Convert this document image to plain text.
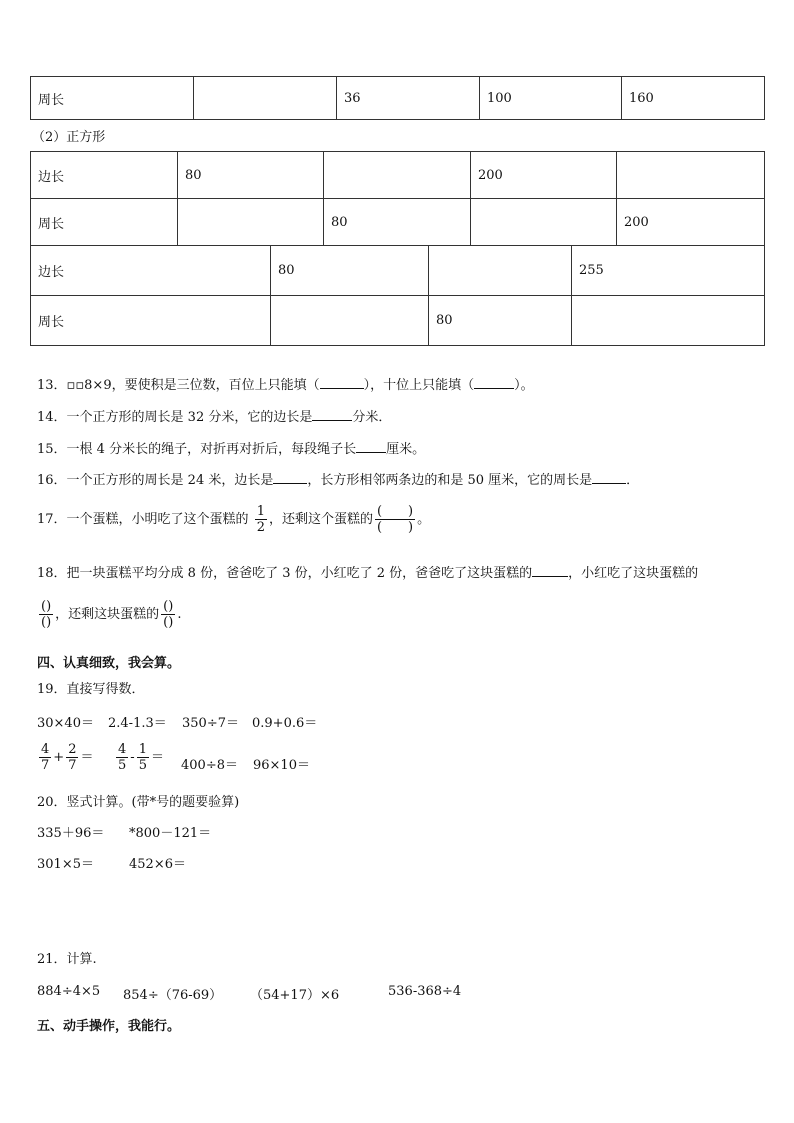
周长		36	100	160
（2）正方形
边长	80		200	
周长		80		200
边长	80		255
周长		80	
13．▫▫8×9，要使积是三位数，百位上只能填（	），十位上只能填（	）。
14．一个正方形的周长是 32 分米，它的边长是	分米．
15．一根 4 分米长的绳子，对折再对折后，每段绳子长 厘米。
16．一个正方形的周长是 24 米，边长是	，长方形相邻两条边的和是 50 厘米，它的周长是	．
17．一个蛋糕，小明吃了这个蛋糕的 $\frac{1}{2}$ ，还剩这个蛋糕的 $\frac{( )}{( )}$ 。
18．把一块蛋糕平均分成 8 份，爸爸吃了 3 份，小红吃了 2 份，爸爸吃了这块蛋糕的	，小红吃了这块蛋糕的
$\frac{()}{()}$ ，还剩这块蛋糕的 $\frac{()}{()}$ .
四、认真细致，我会算。
19．直接写得数．
30×40＝ 2.4-1.3＝ 350÷7＝ 0.9+0.6＝
$\frac{4}{7} + \frac{2}{7} = \frac{4}{5} - \frac{1}{5}$ ＝
400÷8＝ 96×10＝
20．竖式计算。(带*号的题要验算)
335＋96＝ *800－121＝
301×5＝	452×6＝
21．计算.
884÷4×5 854÷（76-69） （54+17）×6	536-368÷4
五、动手操作，我能行。
